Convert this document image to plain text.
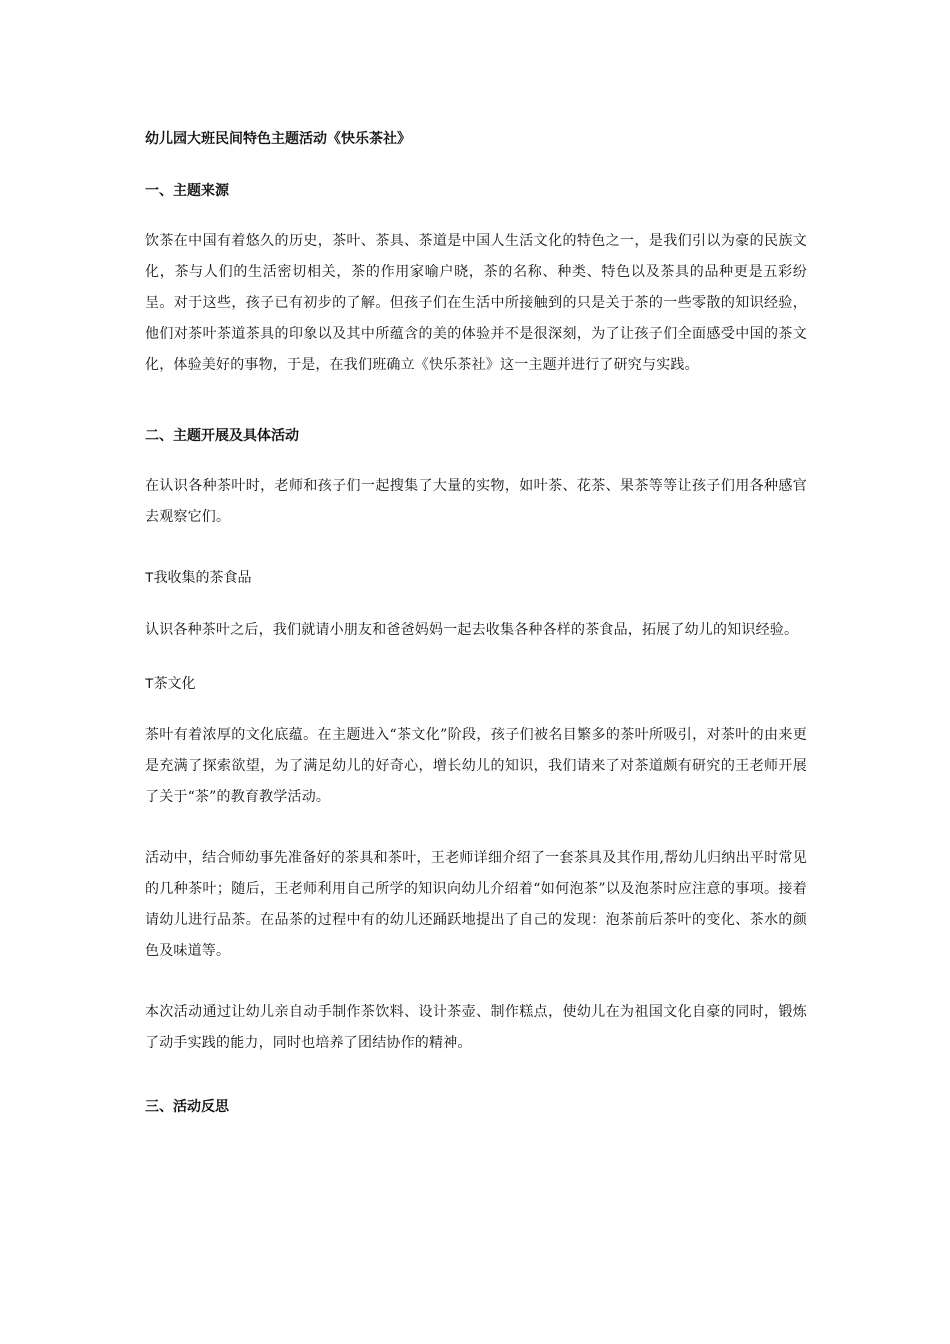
幼儿园大班民间特色主题活动《快乐茶社》
一、主题来源

饮茶在中国有着悠久的历史，茶叶、茶具、茶道是中国人生活文化的特色之一，是我们引以为豪的民族文化，茶与人们的生活密切相关，茶的作用家喻户晓，茶的名称、种类、特色以及茶具的品种更是五彩纷呈。对于这些，孩子已有初步的了解。但孩子们在生活中所接触到的只是关于茶的一些零散的知识经验，他们对茶叶茶道茶具的印象以及其中所蕴含的美的体验并不是很深刻，为了让孩子们全面感受中国的茶文化，体验美好的事物，于是，在我们班确立《快乐茶社》这一主题并进行了研究与实践。

二、主题开展及具体活动

在认识各种茶叶时，老师和孩子们一起搜集了大量的实物，如叶茶、花茶、果茶等等让孩子们用各种感官去观察它们。

T我收集的茶食品

认识各种茶叶之后，我们就请小朋友和爸爸妈妈一起去收集各种各样的茶食品，拓展了幼儿的知识经验。

T茶文化

茶叶有着浓厚的文化底蕴。在主题进入“茶文化”阶段，孩子们被名目繁多的茶叶所吸引，对茶叶的由来更是充满了探索欲望，为了满足幼儿的好奇心，增长幼儿的知识，我们请来了对茶道颇有研究的王老师开展了关于“茶”的教育教学活动。

活动中，结合师幼事先准备好的茶具和茶叶，王老师详细介绍了一套茶具及其作用,帮幼儿归纳出平时常见的几种茶叶；随后，王老师利用自己所学的知识向幼儿介绍着“如何泡茶”以及泡茶时应注意的事项。接着请幼儿进行品茶。在品茶的过程中有的幼儿还踊跃地提出了自己的发现：泡茶前后茶叶的变化、茶水的颜色及味道等。

本次活动通过让幼儿亲自动手制作茶饮料、设计茶壶、制作糕点，使幼儿在为祖国文化自豪的同时，锻炼了动手实践的能力，同时也培养了团结协作的精神。

三、活动反思
